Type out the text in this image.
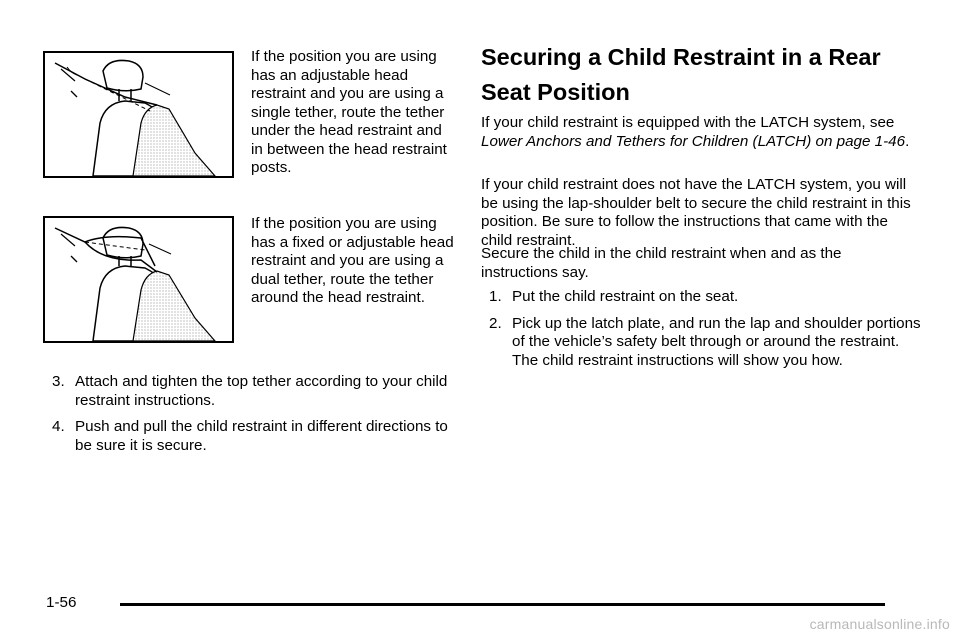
If the position you are using has an adjustable head restraint and you are using a single tether, route the tether under the head restraint and in between the head restraint posts.
If the position you are using has a fixed or adjustable head restraint and you are using a dual tether, route the tether around the head restraint.
3. Attach and tighten the top tether according to your child restraint instructions.
4. Push and pull the child restraint in different directions to be sure it is secure.
Securing a Child Restraint in a Rear
Seat Position

If your child restraint is equipped with the LATCH system, see Lower Anchors and Tethers for Children (LATCH) on page 1-46.

If your child restraint does not have the LATCH system, you will be using the lap-shoulder belt to secure the child restraint in this position. Be sure to follow the instructions that came with the child restraint.

Secure the child in the child restraint when and as the instructions say.

1. Put the child restraint on the seat.
2. Pick up the latch plate, and run the lap and shoulder portions of the vehicle’s safety belt through or around the restraint. The child restraint instructions will show you how.
1-56
carmanualsonline.info
